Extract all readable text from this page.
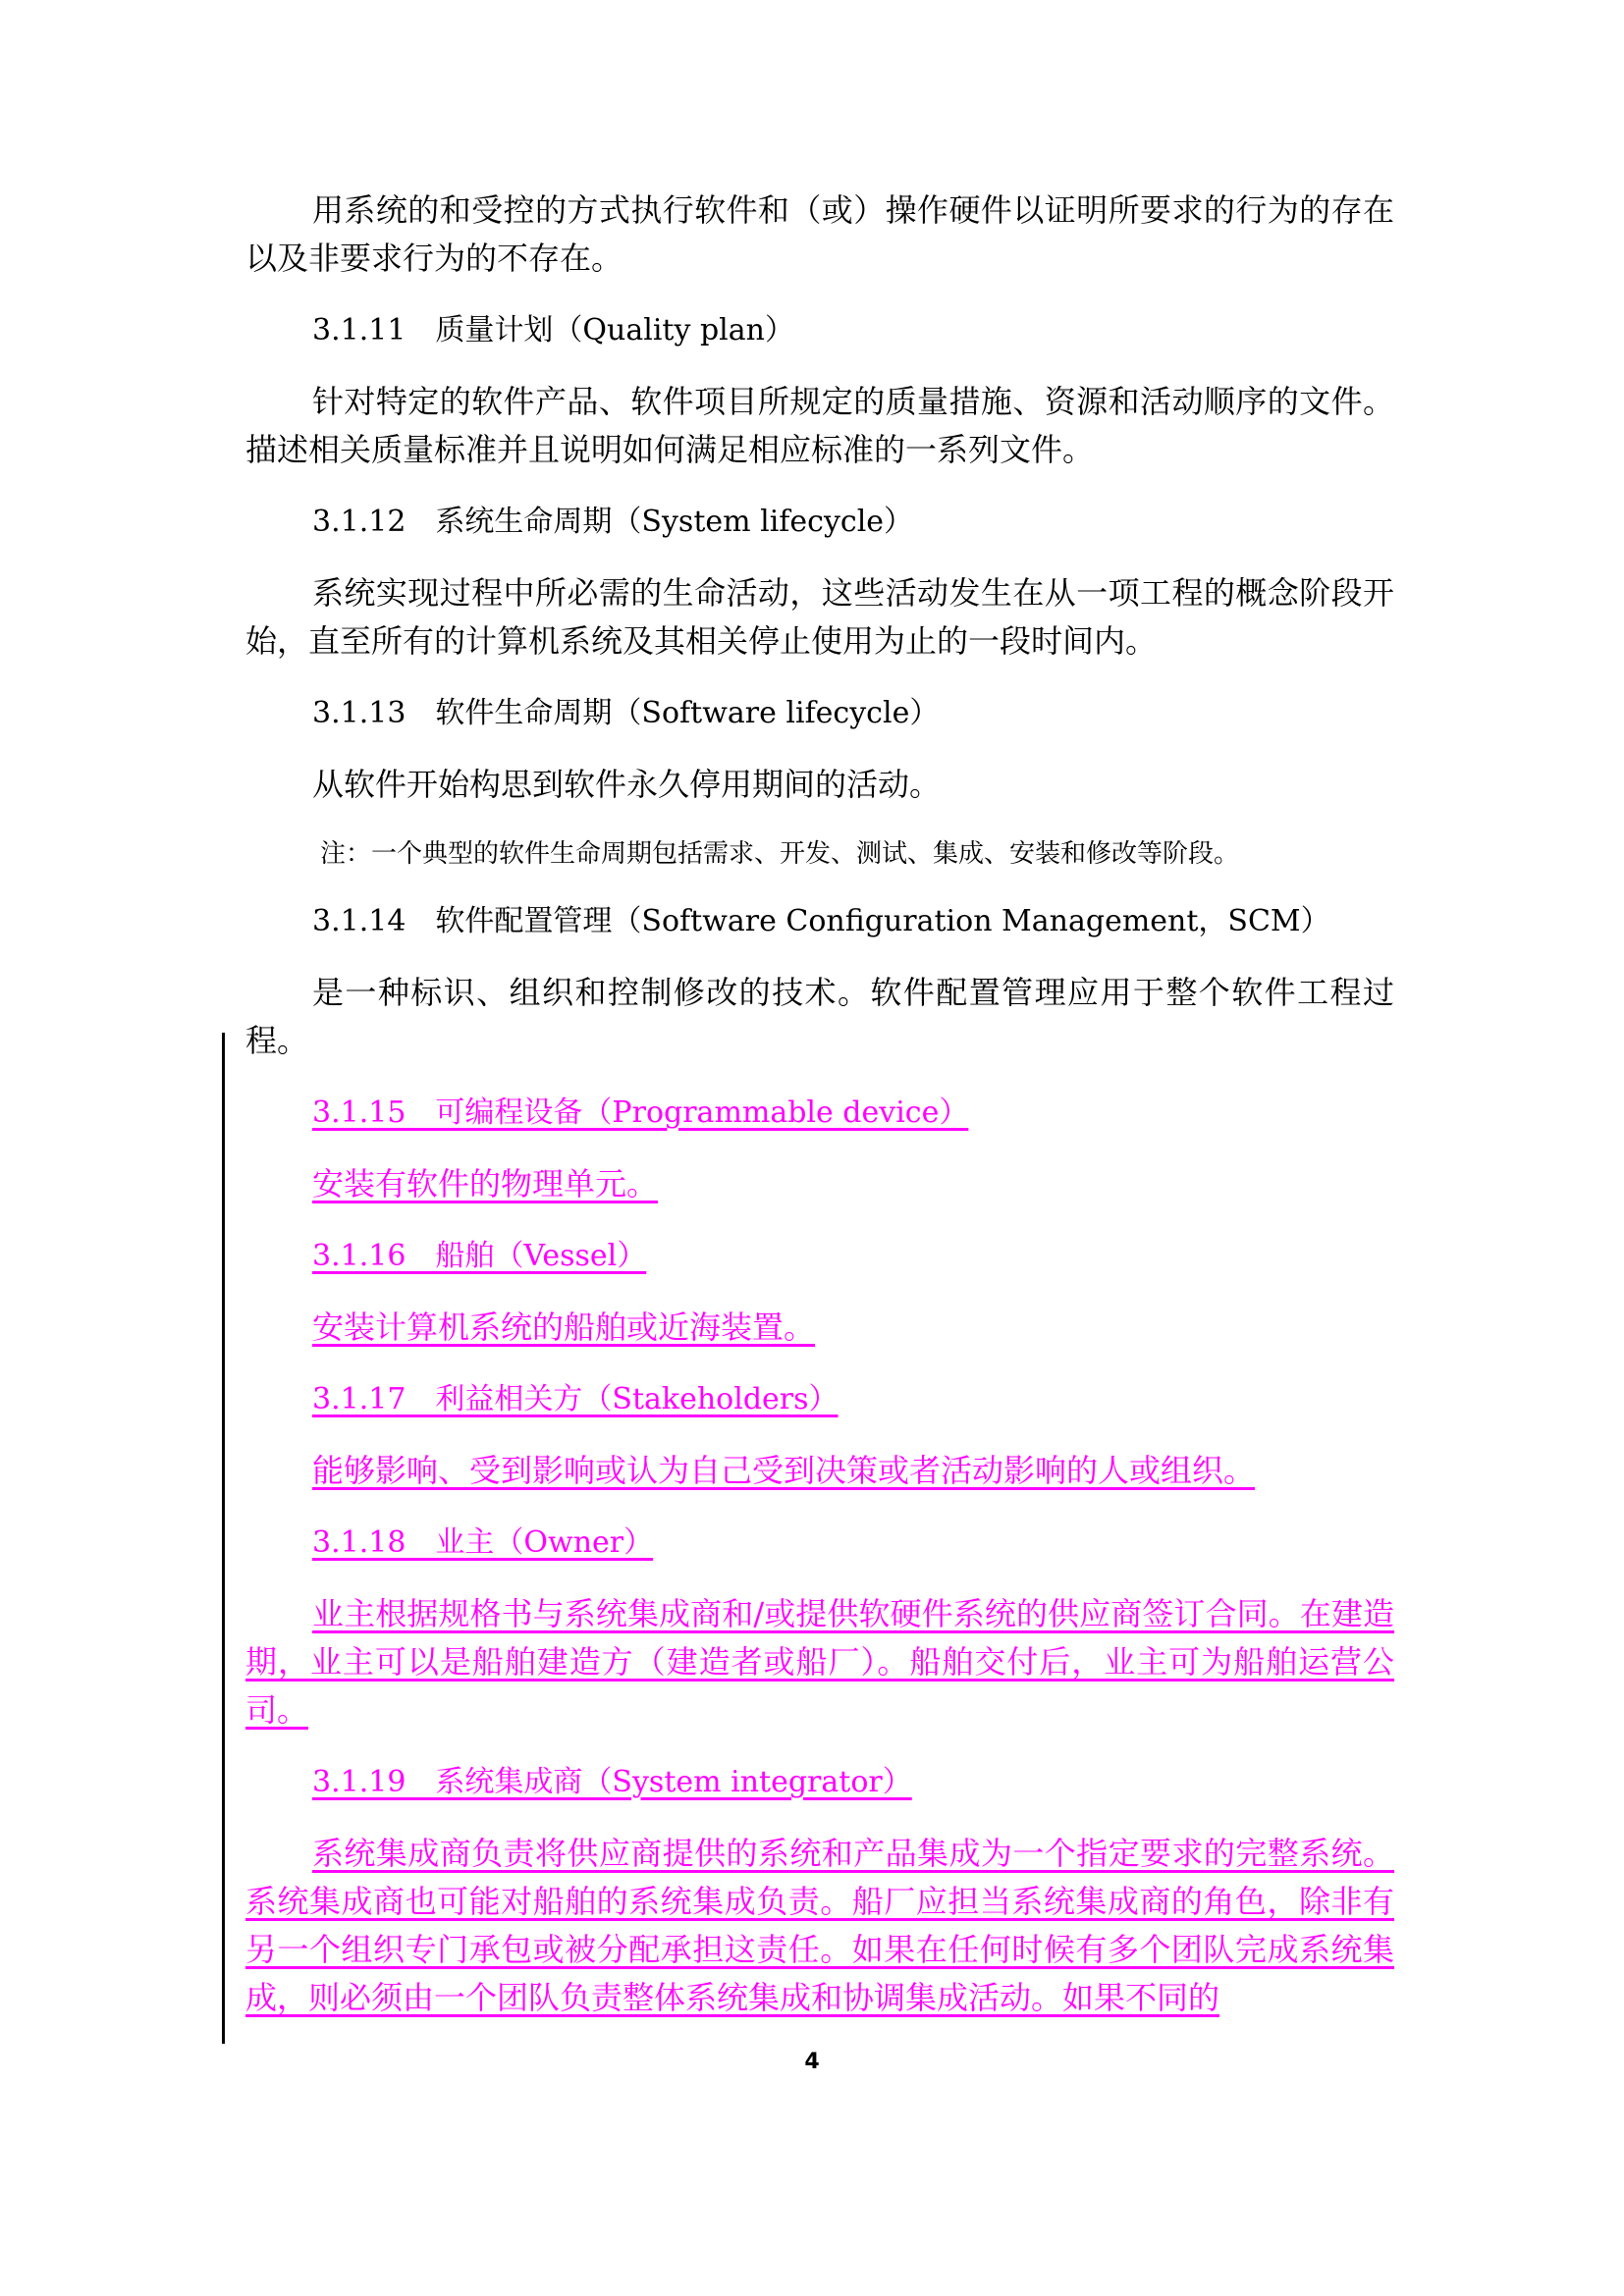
用系统的和受控的方式执行软件和（或）操作硬件以证明所要求的行为的存在以及非要求行为的不存在。

3.1.11　质量计划（Quality plan）

针对特定的软件产品、软件项目所规定的质量措施、资源和活动顺序的文件。描述相关质量标准并且说明如何满足相应标准的一系列文件。

3.1.12　系统生命周期（System lifecycle）

系统实现过程中所必需的生命活动，这些活动发生在从一项工程的概念阶段开始，直至所有的计算机系统及其相关停止使用为止的一段时间内。

3.1.13　软件生命周期（Software lifecycle）

从软件开始构思到软件永久停用期间的活动。

注：一个典型的软件生命周期包括需求、开发、测试、集成、安装和修改等阶段。
3.1.14　软件配置管理（Software Configuration Management，SCM）

是一种标识、组织和控制修改的技术。软件配置管理应用于整个软件工程过程。

3.1.15　可编程设备（Programmable device）

安装有软件的物理单元。

3.1.16　船舶（Vessel）

安装计算机系统的船舶或近海装置。

3.1.17　利益相关方（Stakeholders）

能够影响、受到影响或认为自己受到决策或者活动影响的人或组织。

3.1.18　业主（Owner）

业主根据规格书与系统集成商和/或提供软硬件系统的供应商签订合同。在建造期，业主可以是船舶建造方（建造者或船厂）。船舶交付后，业主可为船舶运营公司。

3.1.19　系统集成商（System integrator）

系统集成商负责将供应商提供的系统和产品集成为一个指定要求的完整系统。系统集成商也可能对船舶的系统集成负责。船厂应担当系统集成商的角色，除非有另一个组织专门承包或被分配承担这责任。如果在任何时候有多个团队完成系统集成，则必须由一个团队负责整体系统集成和协调集成活动。如果不同的

4
